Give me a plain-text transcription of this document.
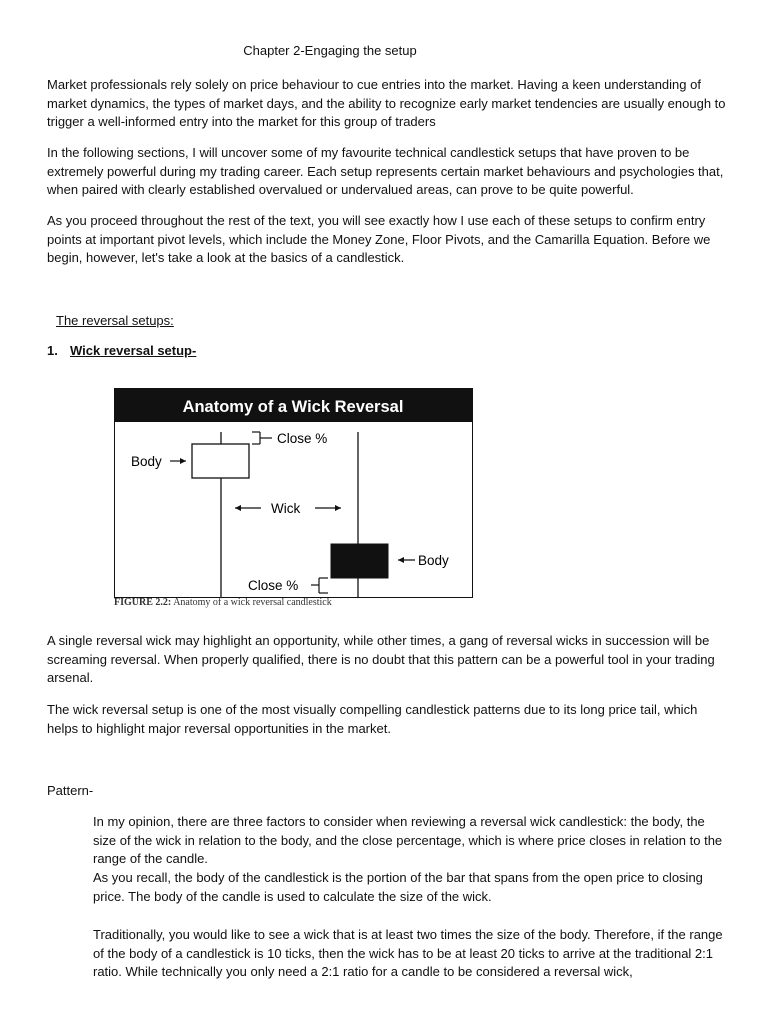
Chapter 2-Engaging the setup

Market professionals rely solely on price behaviour to cue entries into the market. Having a keen understanding of market dynamics, the types of market days, and the ability to recognize early market tendencies are usually enough to trigger a well-informed entry into the market for this group of traders

In the following sections, I will uncover some of my favourite technical candlestick setups that have proven to be extremely powerful during my trading career. Each setup represents certain market behaviours and psychologies that, when paired with clearly established overvalued or undervalued areas, can prove to be quite powerful.

As you proceed throughout the rest of the text, you will see exactly how I use each of these setups to confirm entry points at important pivot levels, which include the Money Zone, Floor Pivots, and the Camarilla Equation. Before we begin, however, let's take a look at the basics of a candlestick.

The reversal setups:
1. Wick reversal setup-
Anatomy of a Wick Reversal
Close %
Body
Wick
Body
Close %
FIGURE 2.2: Anatomy of a wick reversal candlestick

A single reversal wick may highlight an opportunity, while other times, a gang of reversal wicks in succession will be screaming reversal. When properly qualified, there is no doubt that this pattern can be a powerful tool in your trading arsenal.

The wick reversal setup is one of the most visually compelling candlestick patterns due to its long price tail, which helps to highlight major reversal opportunities in the market.

Pattern-

In my opinion, there are three factors to consider when reviewing a reversal wick candlestick: the body, the size of the wick in relation to the body, and the close percentage, which is where price closes in relation to the range of the candle.

As you recall, the body of the candlestick is the portion of the bar that spans from the open price to closing price. The body of the candle is used to calculate the size of the wick.

Traditionally, you would like to see a wick that is at least two times the size of the body. Therefore, if the range of the body of a candlestick is 10 ticks, then the wick has to be at least 20 ticks to arrive at the traditional 2:1 ratio. While technically you only need a 2:1 ratio for a candle to be considered a reversal wick,
